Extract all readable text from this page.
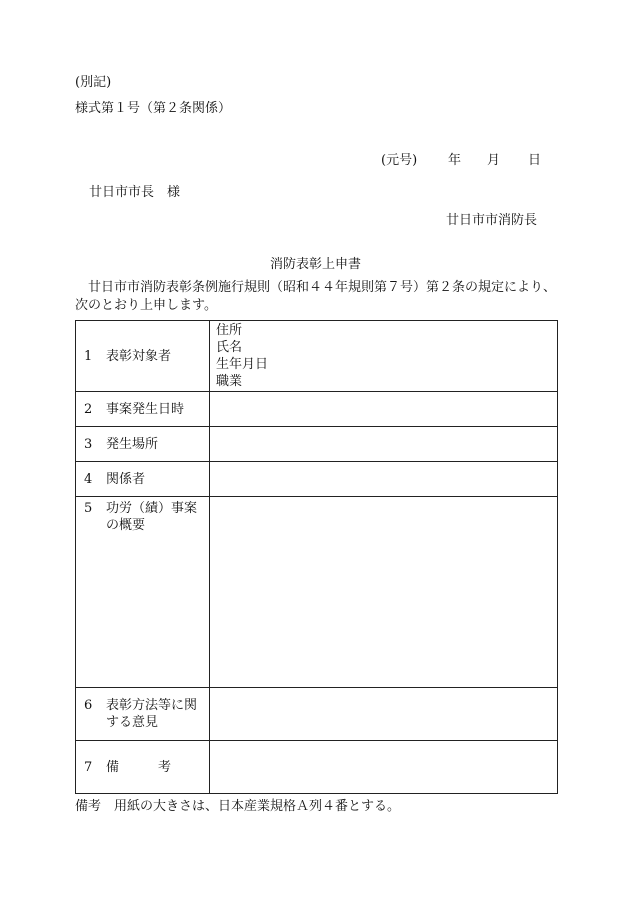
(別記)
様式第１号（第２条関係）
(元号) 年 月 日
廿日市市長　様
廿日市市消防長
消防表彰上申書
廿日市市消防表彰条例施行規則（昭和４４年規則第７号）第２条の規定により、次のとおり上申します。
1 表彰対象者	住所
氏名
生年月日
職業

2 事案発生日時	
3 発生場所	
4 関係者	

5 功労（績）事案の概要	

6 表彰方法等に関する意見	

7 備　　　考	
備考　用紙の大きさは、日本産業規格Ａ列４番とする。
